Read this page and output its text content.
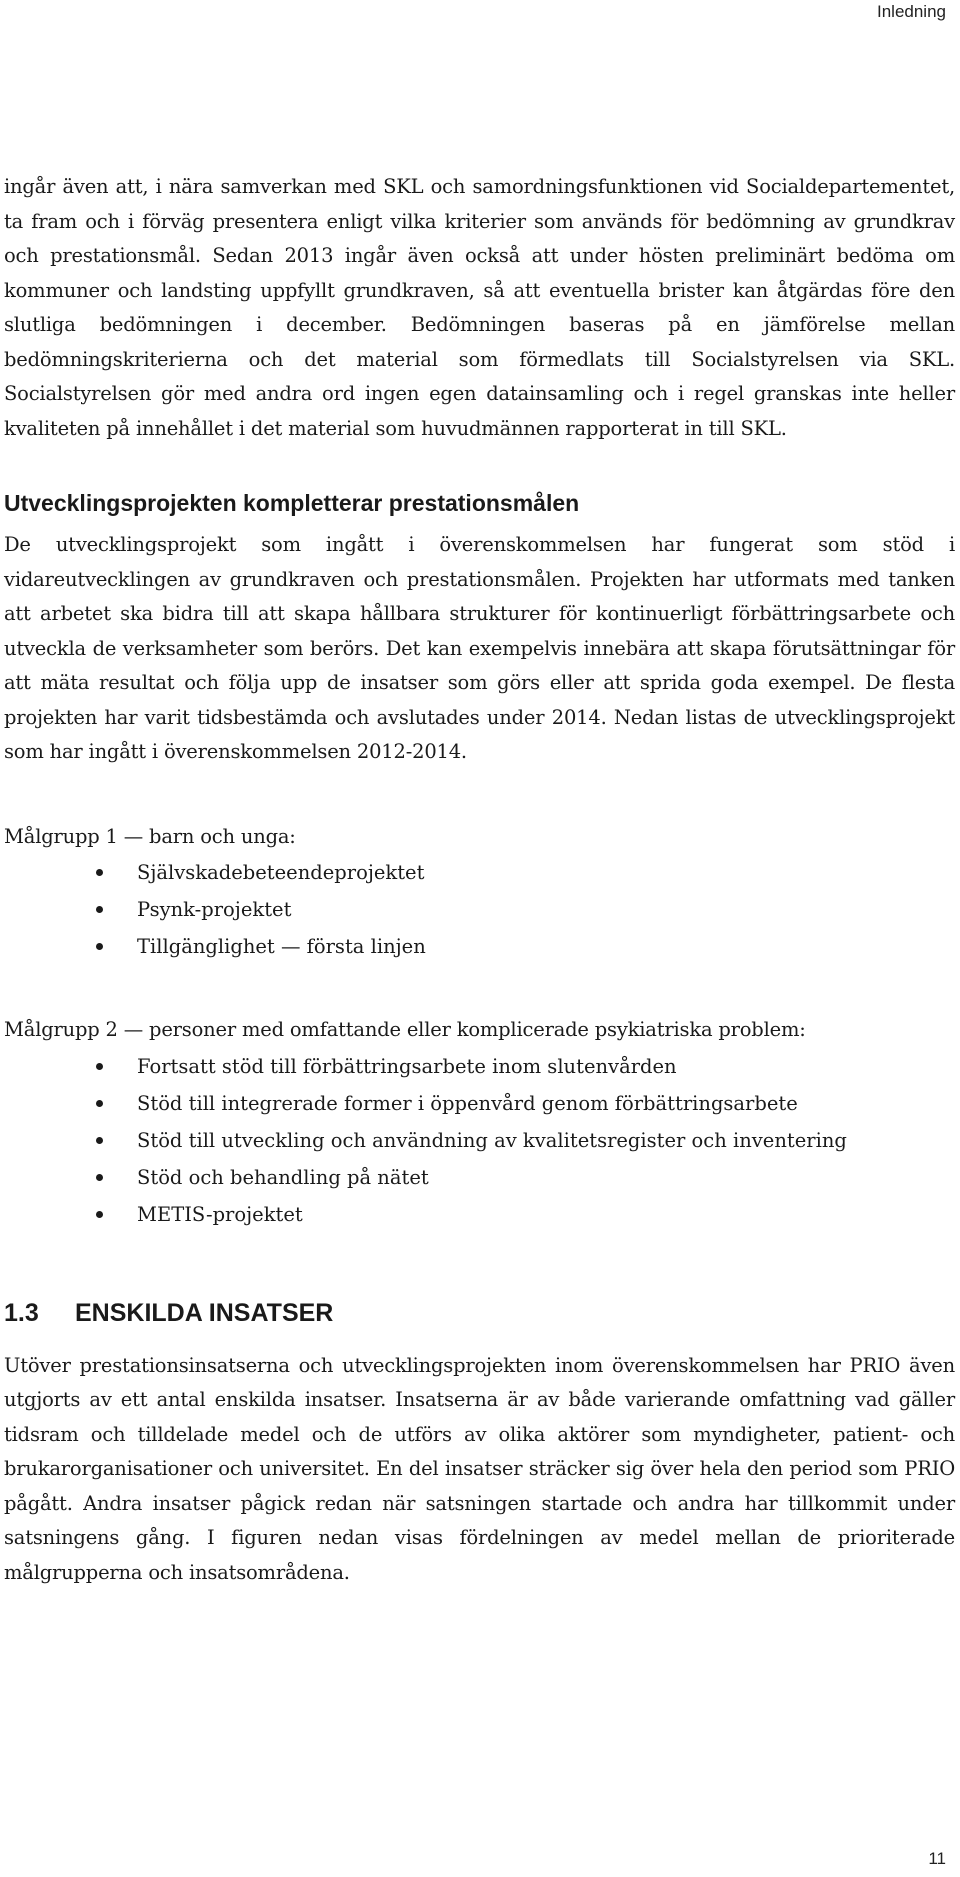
Inledning

ingår även att, i nära samverkan med SKL och samordningsfunktionen vid Socialdepartementet, ta fram och i förväg presentera enligt vilka kriterier som används för bedömning av grundkrav och prestationsmål. Sedan 2013 ingår även också att under hösten preliminärt bedöma om kommuner och landsting uppfyllt grundkraven, så att eventuella brister kan åtgärdas före den slutliga bedömningen i december. Bedömningen baseras på en jämförelse mellan bedömningskriterierna och det material som förmedlats till Socialstyrelsen via SKL. Socialstyrelsen gör med andra ord ingen egen datainsamling och i regel granskas inte heller kvaliteten på innehållet i det material som huvudmännen rapporterat in till SKL.

Utvecklingsprojekten kompletterar prestationsmålen

De utvecklingsprojekt som ingått i överenskommelsen har fungerat som stöd i vidareutvecklingen av grundkraven och prestationsmålen. Projekten har utformats med tanken att arbetet ska bidra till att skapa hållbara strukturer för kontinuerligt förbättringsarbete och utveckla de verksamheter som berörs. Det kan exempelvis innebära att skapa förutsättningar för att mäta resultat och följa upp de insatser som görs eller att sprida goda exempel. De flesta projekten har varit tidsbestämda och avslutades under 2014. Nedan listas de utvecklingsprojekt som har ingått i överenskommelsen 2012-2014.

Målgrupp 1 — barn och unga:

Självskadebeteendeprojektet
Psynk-projektet
Tillgänglighet — första linjen

Målgrupp 2 — personer med omfattande eller komplicerade psykiatriska problem:

Fortsatt stöd till förbättringsarbete inom slutenvården
Stöd till integrerade former i öppenvård genom förbättringsarbete
Stöd till utveckling och användning av kvalitetsregister och inventering
Stöd och behandling på nätet
METIS-projektet
1.3	ENSKILDA INSATSER

Utöver prestationsinsatserna och utvecklingsprojekten inom överenskommelsen har PRIO även utgjorts av ett antal enskilda insatser. Insatserna är av både varierande omfattning vad gäller tidsram och tilldelade medel och de utförs av olika aktörer som myndigheter, patient- och brukarorganisationer och universitet. En del insatser sträcker sig över hela den period som PRIO pågått. Andra insatser pågick redan när satsningen startade och andra har tillkommit under satsningens gång. I figuren nedan visas fördelningen av medel mellan de prioriterade målgrupperna och insatsområdena.

11
